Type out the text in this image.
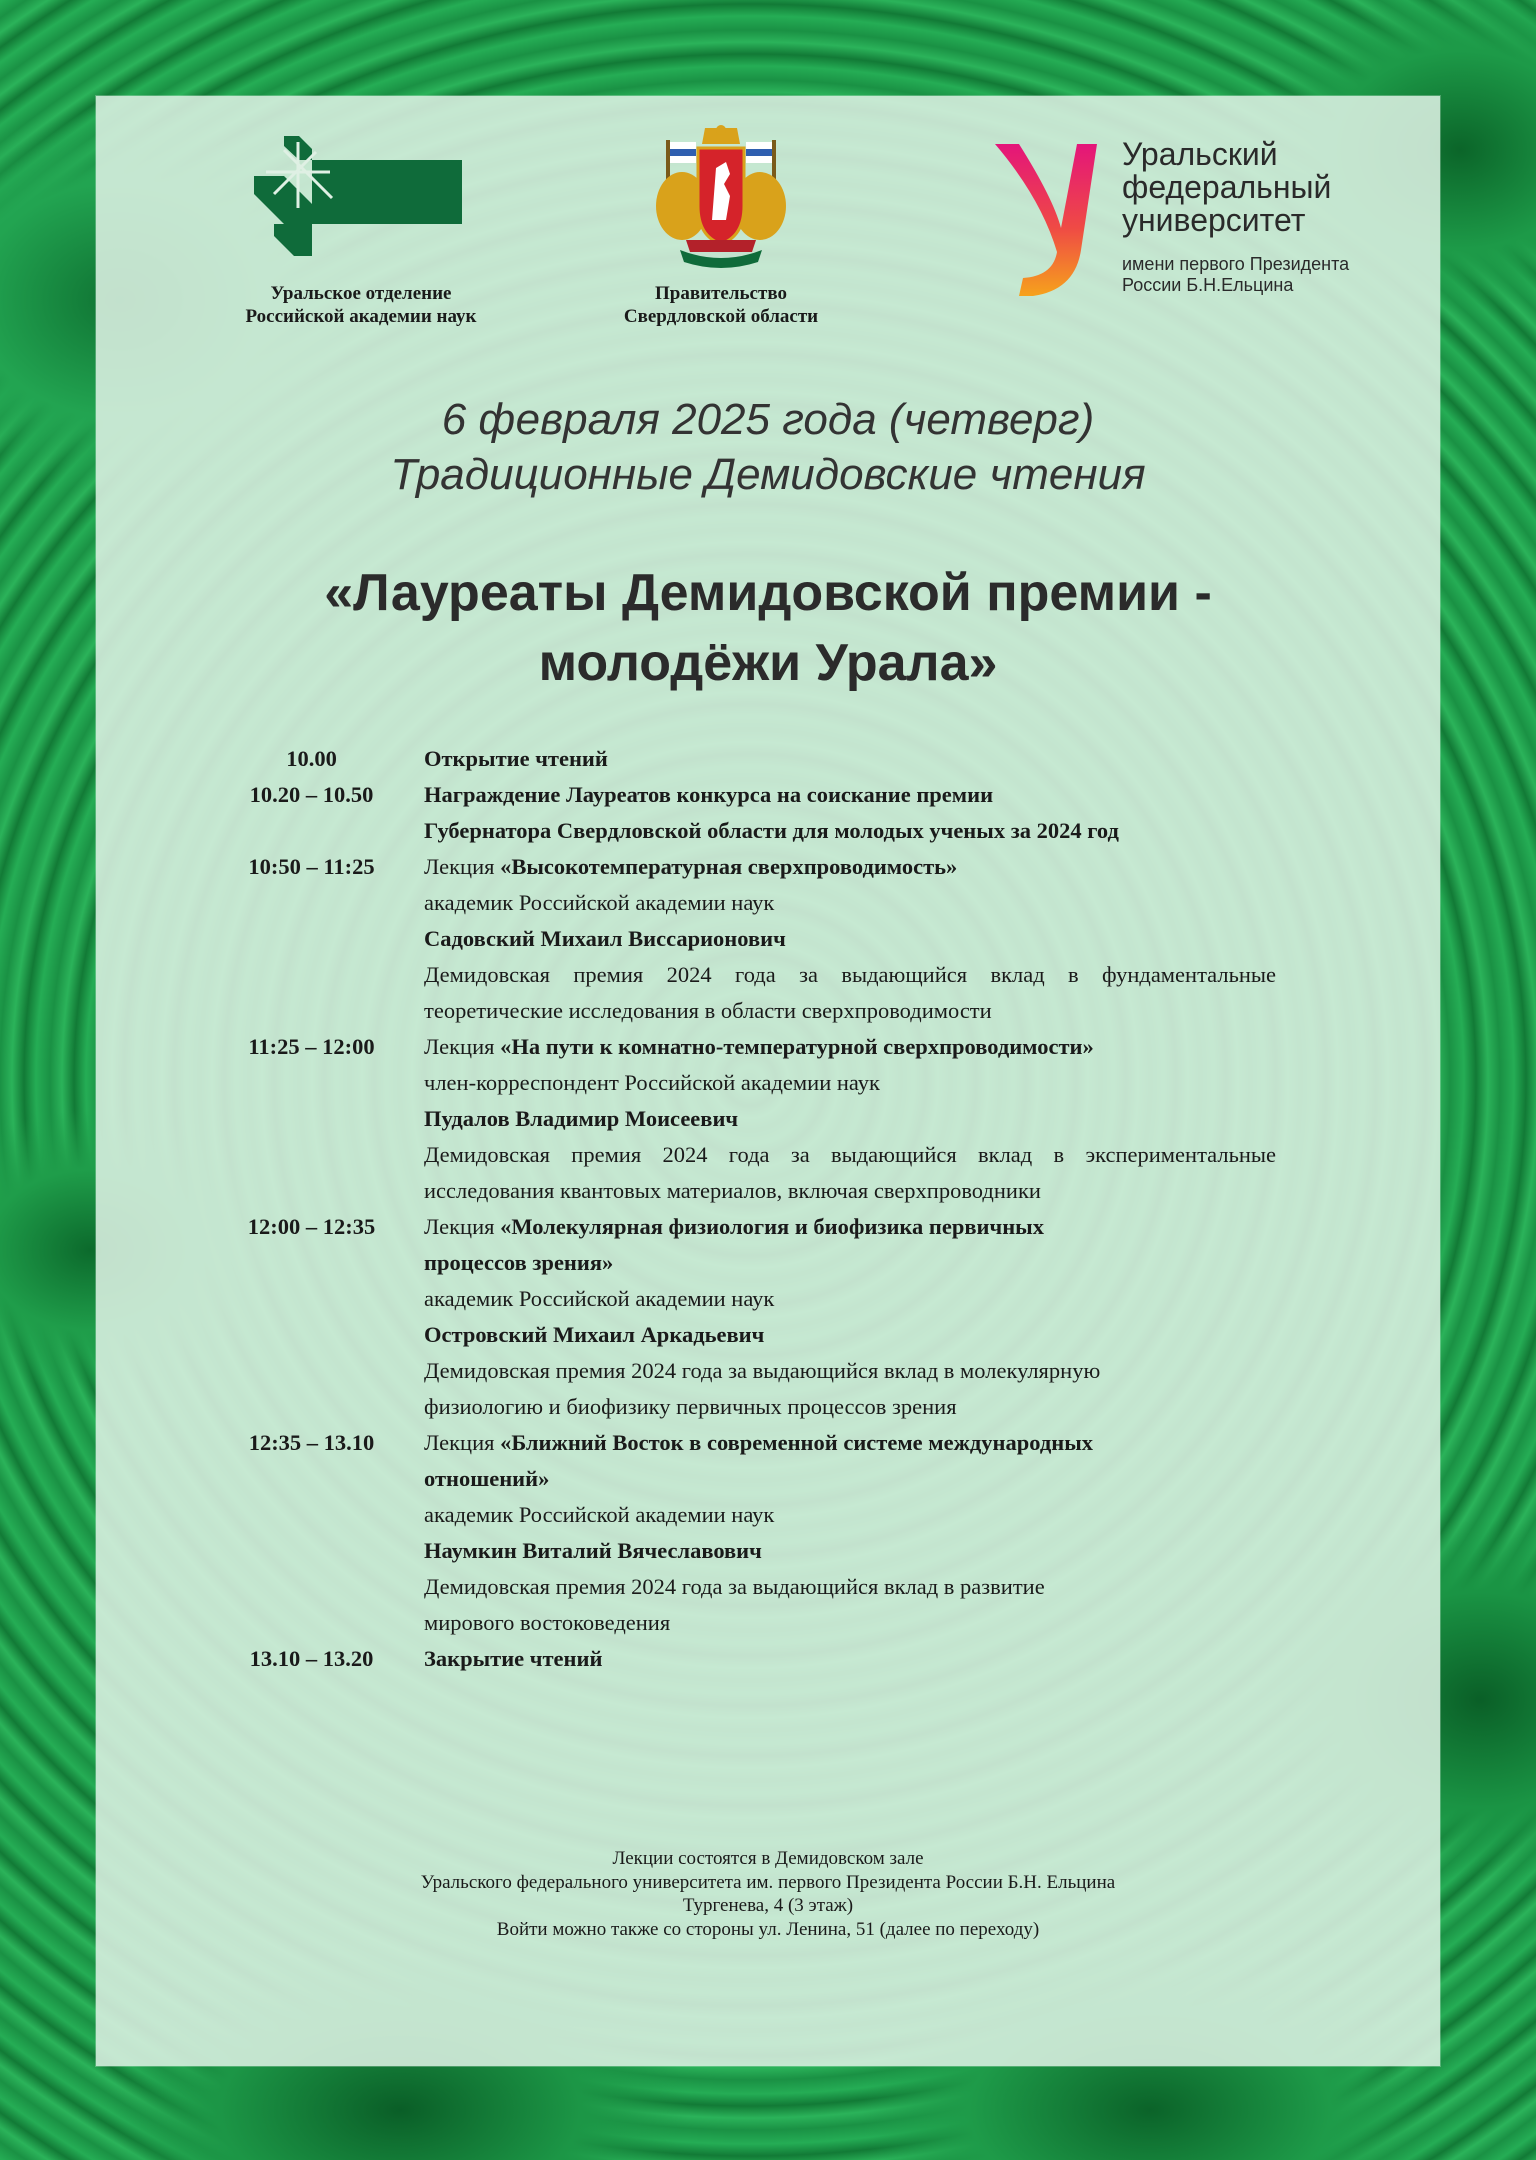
Уральское отделение
Российской академии наук
Правительство
Свердловской области
Уральский
федеральный
университет
имени первого Президента
России Б.Н.Ельцина
6 февраля 2025 года (четверг)
Традиционные Демидовские чтения
«Лауреаты Демидовской премии -
молодёжи Урала»
10.00	Открытие чтений

10.20 – 10.50	Награждение Лауреатов конкурса на соискание премии

Губернатора Свердловской области для молодых ученых за 2024 год

10:50 – 11:25	Лекция «Высокотемпературная сверхпроводимость»

академик Российской академии наук

Садовский Михаил Виссарионович

Демидовская премия 2024 года за выдающийся вклад в фундаментальные теоретические исследования в области сверхпроводимости

11:25 – 12:00	Лекция «На пути к комнатно-температурной сверхпроводимости»

член-корреспондент Российской академии наук

Пудалов Владимир Моисеевич

Демидовская премия 2024 года за выдающийся вклад в экспериментальные исследования квантовых материалов, включая сверхпроводники

12:00 – 12:35	Лекция «Молекулярная физиология и биофизика первичных

процессов зрения»

академик Российской академии наук

Островский Михаил Аркадьевич

Демидовская премия 2024 года за выдающийся вклад в молекулярную

физиологию и биофизику первичных процессов зрения

12:35 – 13.10	Лекция «Ближний Восток в современной системе международных

отношений»

академик Российской академии наук

Наумкин Виталий Вячеславович

Демидовская премия 2024 года за выдающийся вклад в развитие

мирового востоковедения

13.10 – 13.20	Закрытие чтений

Лекции состоятся в Демидовском зале
Уральского федерального университета им. первого Президента России Б.Н. Ельцина
Тургенева, 4 (3 этаж)
Войти можно также со стороны ул. Ленина, 51 (далее по переходу)
